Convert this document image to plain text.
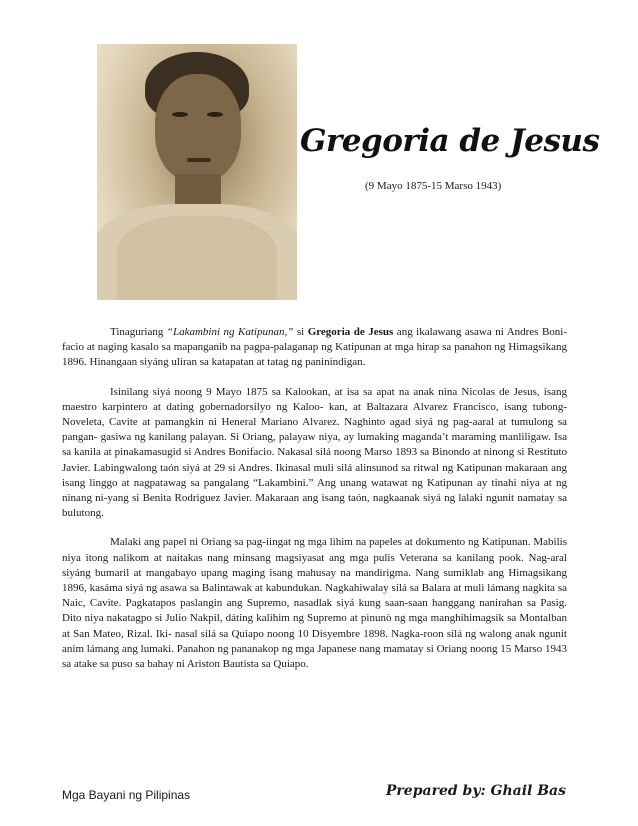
Gregoria de Jesus
(9 Mayo 1875-15 Marso 1943)

Tinaguriang “Lakambini ng Katipunan,” si Gregoria de Jesus ang ikalawang asawa ni Andres Boni- facio at naging kasalo sa mapanganib na pagpa-palaganap ng Katipunan at mga hirap sa panahon ng Himagsikang 1896. Hinangaan siyáng uliran sa katapatan at tatag ng paninindigan.

Isinilang siyá noong 9 Mayo 1875 sa Kalookan, at isa sa apat na anak nina Nicolas de Jesus, isang maestro karpintero at dating gobernadorsilyo ng Kaloo- kan, at Baltazara Alvarez Francisco, isang tubong-Noveleta, Cavite at pamangkin ni Heneral Mariano Alvarez. Naghinto agad siyá ng pag-aaral at tumulong sa pangan- gasiwa ng kanilang palayan. Si Oriang, palayaw niya, ay lumaking maganda’t maraming manliligaw. Isa sa kanila at pinakamasugid si Andres Bonifacio. Nakasal silá noong Marso 1893 sa Binondo at ninong si Restituto Javier. Labingwalong taón siyá at 29 si Andres. Ikinasal muli silá alinsunod sa ritwal ng Katipunan makaraan ang isang linggo at nagpatawag sa pangalang “Lakambini.” Ang unang watawat ng Katipunan ay tinahi niya at ng ninang ni-yang si Benita Rodriguez Javier. Makaraan ang isang taón, nagkaanak siyá ng lalaki ngunit namatay sa bulutong.

Malaki ang papel ni Oriang sa pag-iingat ng mga lihim na papeles at dokumento ng Katipunan. Mabilis niya itong nalikom at naitakas nang minsang magsiyasat ang mga pulis Veterana sa kanilang pook. Nag-aral siyáng bumaril at mangabayo upang maging isang mahusay na mandirigma. Nang sumiklab ang Himagsikang 1896, kasáma siyá ng asawa sa Balintawak at kabundukan. Nagkahiwalay silá sa Balara at muli lámang nagkita sa Naic, Cavite. Pagkatapos paslangin ang Supremo, nasadlak siyá kung saan-saan hanggang nanirahan sa Pasig. Dito niya nakatagpo si Julio Nakpil, dáting kalihim ng Supremo at pinunò ng mga manghihimagsik sa Montalban at San Mateo, Rizal. Iki- nasal silá sa Quiapo noong 10 Disyembre 1898. Nagka-roon silá ng walong anak ngunit anim lámang ang lumaki. Panahon ng pananakop ng mga Japanese nang mamatay si Oriang noong 15 Marso 1943 sa atake sa puso sa bahay ni Ariston Bautista sa Quiapo.

Mga Bayani ng Pilipinas	Prepared by: Ghail Bas
